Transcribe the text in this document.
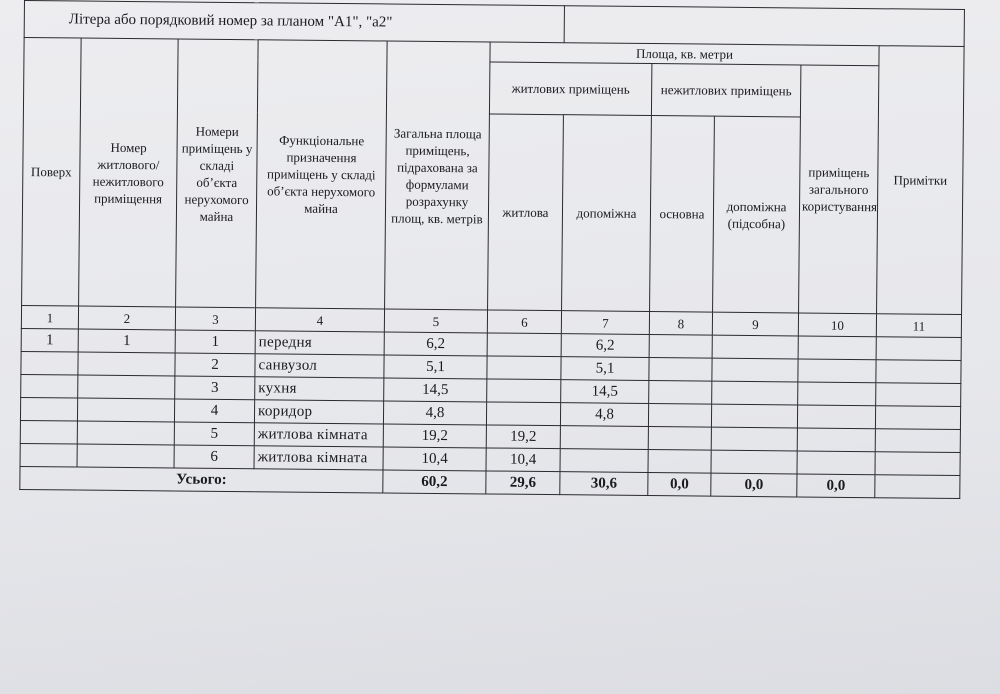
Літера або порядковий номер за планом "А1", "а2"										
Поверх	Номер житлового/ нежитлового приміщення	Номери приміщень у складі об’єкта нерухомого майна	Функціональне призначення приміщень у складі об’єкта нерухомого майна	Загальна площа приміщень, підрахована за формулами розрахунку площ, кв. метрів	Площа, кв. метри					Примітки
					житлових приміщень		нежитлових приміщень		приміщень загального користування	
					житлова	допоміжна	основна	допоміжна (підсобна)		
1	2	3	4	5	6	7	8	9	10	11
1	1	1	передня	6,2		6,2				
		2	санвузол	5,1		5,1				
		3	кухня	14,5		14,5				
		4	коридор	4,8		4,8				
		5	житлова кімната	19,2	19,2					
		6	житлова кімната	10,4	10,4					
Усього:				60,2	29,6	30,6	0,0	0,0	0,0	
